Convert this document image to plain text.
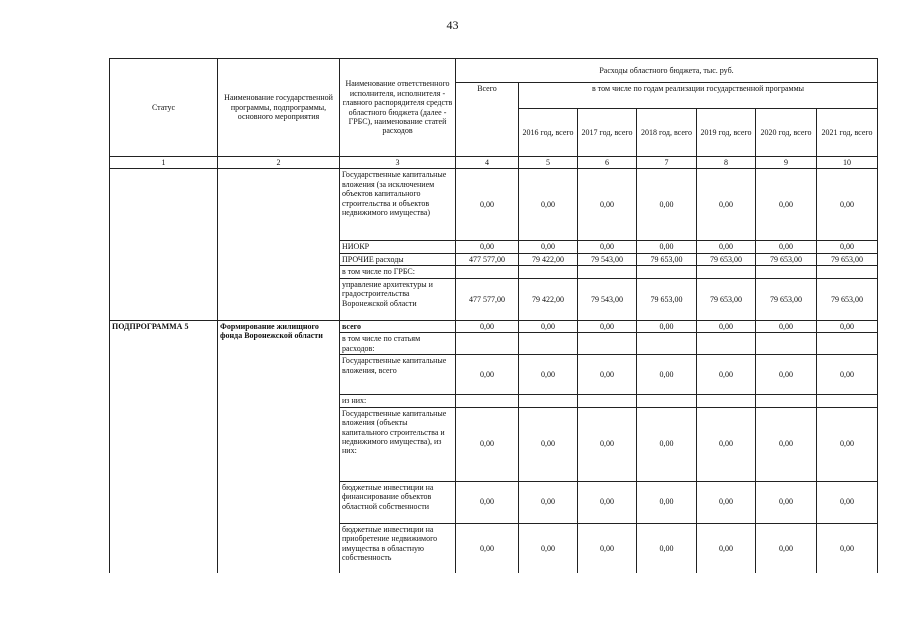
43
Статус	Наименование государственной программы, подпрограммы, основного мероприятия	Наименование ответственного исполнителя, исполнителя - главного распорядителя средств областного бюджета (далее - ГРБС), наименование статей расходов	Расходы областного бюджета, тыс. руб.						
			Всего	в том числе по годам реализации государственной программы					
				2016 год, всего	2017 год, всего	2018 год, всего	2019 год, всего	2020 год, всего	2021 год, всего
1	2	3	4	5	6	7	8	9	10
		Государственные капитальные вложения (за исключением объектов капитального строительства и объектов недвижимого имущества)	0,00	0,00	0,00	0,00	0,00	0,00	0,00
		НИОКР	0,00	0,00	0,00	0,00	0,00	0,00	0,00
		ПРОЧИЕ расходы	477 577,00	79 422,00	79 543,00	79 653,00	79 653,00	79 653,00	79 653,00
		в том числе по ГРБС:							
		управление архитектуры и градостроительства Воронежской области	477 577,00	79 422,00	79 543,00	79 653,00	79 653,00	79 653,00	79 653,00
ПОДПРОГРАММА 5	Формирование жилищного фонда Воронежской области	всего	0,00	0,00	0,00	0,00	0,00	0,00	0,00
		в том числе по статьям расходов:							
		Государственные капитальные вложения, всего	0,00	0,00	0,00	0,00	0,00	0,00	0,00
		из них:							
		Государственные капитальные вложения (объекты капитального строительства и недвижимого имущества), из них:	0,00	0,00	0,00	0,00	0,00	0,00	0,00
		бюджетные инвестиции на финансирование объектов областной собственности	0,00	0,00	0,00	0,00	0,00	0,00	0,00
		бюджетные инвестиции на приобретение недвижимого имущества в областную собственность	0,00	0,00	0,00	0,00	0,00	0,00	0,00
